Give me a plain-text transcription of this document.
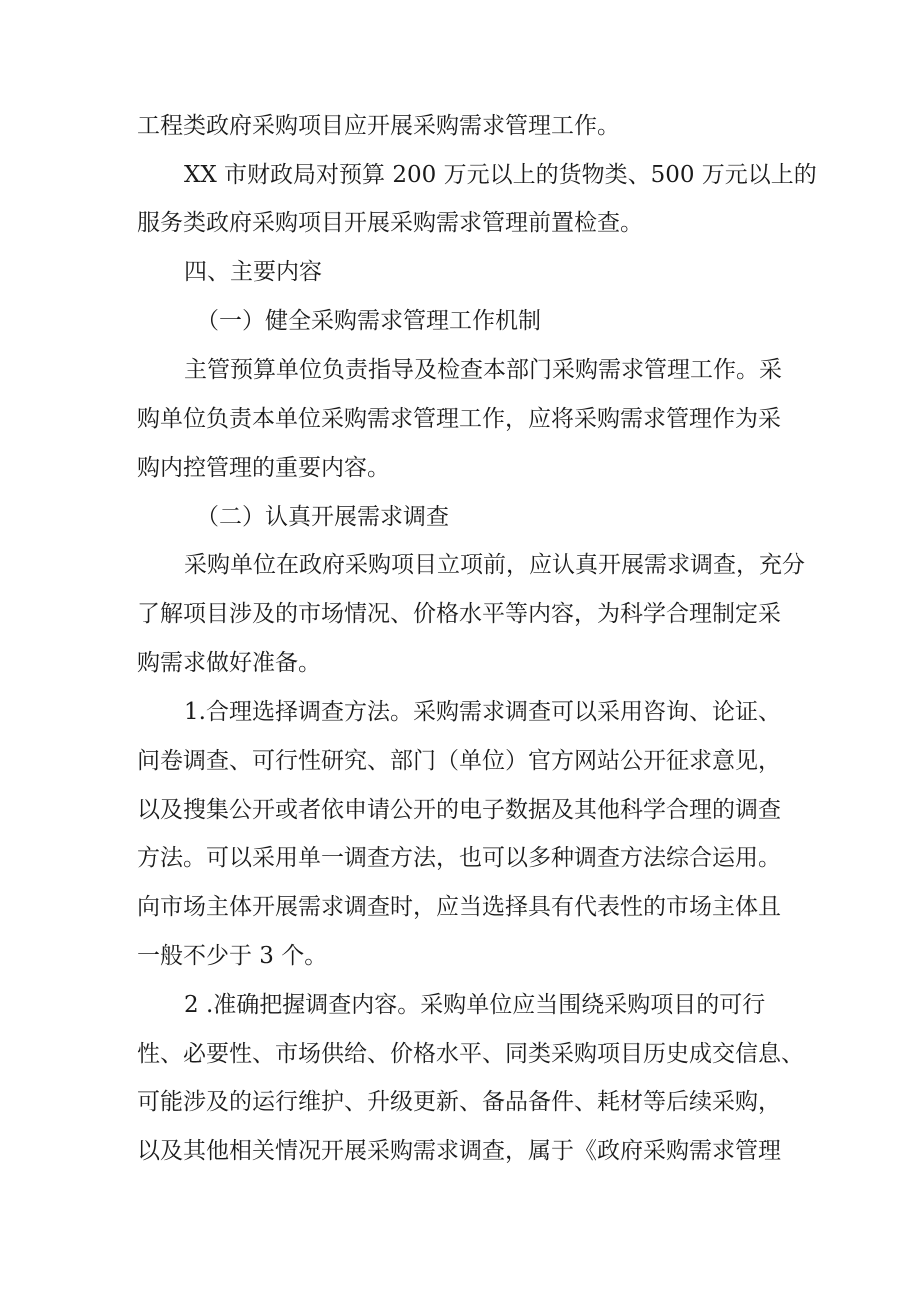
工程类政府采购项目应开展采购需求管理工作。
XX 市财政局对预算 200 万元以上的货物类、500 万元以上的
服务类政府采购项目开展采购需求管理前置检查。
四、主要内容
（一）健全采购需求管理工作机制
主管预算单位负责指导及检查本部门采购需求管理工作。采
购单位负责本单位采购需求管理工作，应将采购需求管理作为采
购内控管理的重要内容。
（二）认真开展需求调查
采购单位在政府采购项目立项前，应认真开展需求调查，充分
了解项目涉及的市场情况、价格水平等内容，为科学合理制定采
购需求做好准备。
1.合理选择调查方法。采购需求调查可以采用咨询、论证、
问卷调查、可行性研究、部门（单位）官方网站公开征求意见，
以及搜集公开或者依申请公开的电子数据及其他科学合理的调查
方法。可以采用单一调查方法，也可以多种调查方法综合运用。
向市场主体开展需求调查时，应当选择具有代表性的市场主体且
一般不少于 3 个。
2 .准确把握调查内容。采购单位应当围绕采购项目的可行
性、必要性、市场供给、价格水平、同类采购项目历史成交信息、
可能涉及的运行维护、升级更新、备品备件、耗材等后续采购，
以及其他相关情况开展采购需求调查，属于《政府采购需求管理
